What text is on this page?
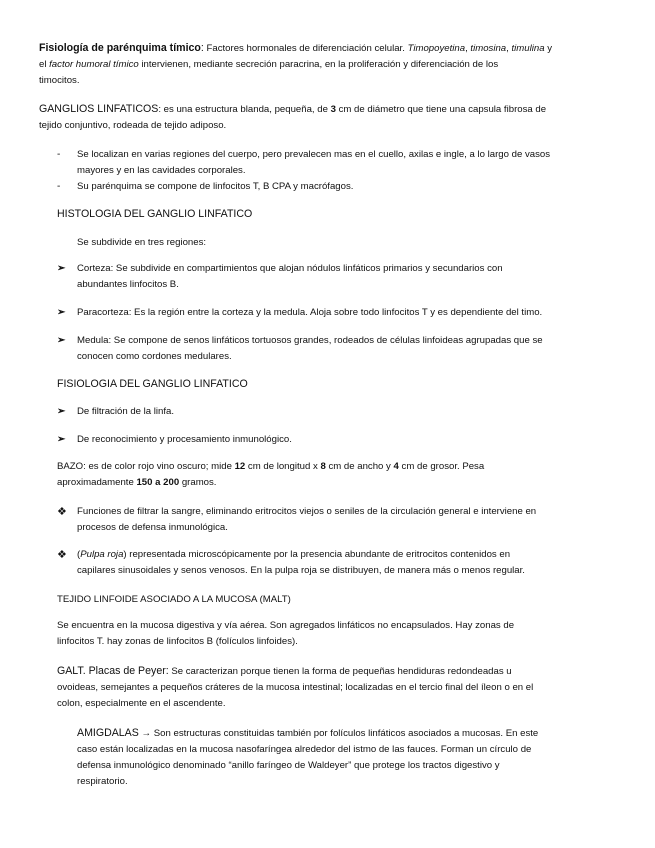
Fisiología de parénquima tímico: Factores hormonales de diferenciación celular. Timopoyetina, timosina, timulina y
el factor humoral tímico intervienen, mediante secreción paracrina, en la proliferación y diferenciación de los
timocitos.
GANGLIOS LINFATICOS: es una estructura blanda, pequeña, de 3 cm de diámetro que tiene una capsula fibrosa de
tejido conjuntivo, rodeada de tejido adiposo.
- Se localizan en varias regiones del cuerpo, pero prevalecen mas en el cuello, axilas e ingle, a lo largo de vasos
mayores y en las cavidades corporales.
- Su parénquima se compone de linfocitos T, B CPA y macrófagos.
HISTOLOGIA DEL GANGLIO LINFATICO
Se subdivide en tres regiones:
➢ Corteza: Se subdivide en compartimientos que alojan nódulos linfáticos primarios y secundarios con
abundantes linfocitos B.
➢ Paracorteza: Es la región entre la corteza y la medula. Aloja sobre todo linfocitos T y es dependiente del timo.
➢ Medula: Se compone de senos linfáticos tortuosos grandes, rodeados de células linfoideas agrupadas que se
conocen como cordones medulares.
FISIOLOGIA DEL GANGLIO LINFATICO
➢ De filtración de la linfa.
➢ De reconocimiento y procesamiento inmunológico.
BAZO: es de color rojo vino oscuro; mide 12 cm de longitud x 8 cm de ancho y 4 cm de grosor. Pesa
aproximadamente 150 a 200 gramos.
❖ Funciones de filtrar la sangre, eliminando eritrocitos viejos o seniles de la circulación general e interviene en
procesos de defensa inmunológica.
❖ (Pulpa roja) representada microscópicamente por la presencia abundante de eritrocitos contenidos en
capilares sinusoidales y senos venosos. En la pulpa roja se distribuyen, de manera más o menos regular.
TEJIDO LINFOIDE ASOCIADO A LA MUCOSA (MALT)
Se encuentra en la mucosa digestiva y vía aérea. Son agregados linfáticos no encapsulados. Hay zonas de
linfocitos T. hay zonas de linfocitos B (folículos linfoides).
GALT. Placas de Peyer: Se caracterizan porque tienen la forma de pequeñas hendiduras redondeadas u
ovoideas, semejantes a pequeños cráteres de la mucosa intestinal; localizadas en el tercio final del íleon o en el
colon, especialmente en el ascendente.
AMIGDALAS → Son estructuras constituidas también por folículos linfáticos asociados a mucosas. En este
caso están localizadas en la mucosa nasofaríngea alrededor del istmo de las fauces. Forman un círculo de
defensa inmunológico denominado “anillo faríngeo de Waldeyer” que protege los tractos digestivo y
respiratorio.
